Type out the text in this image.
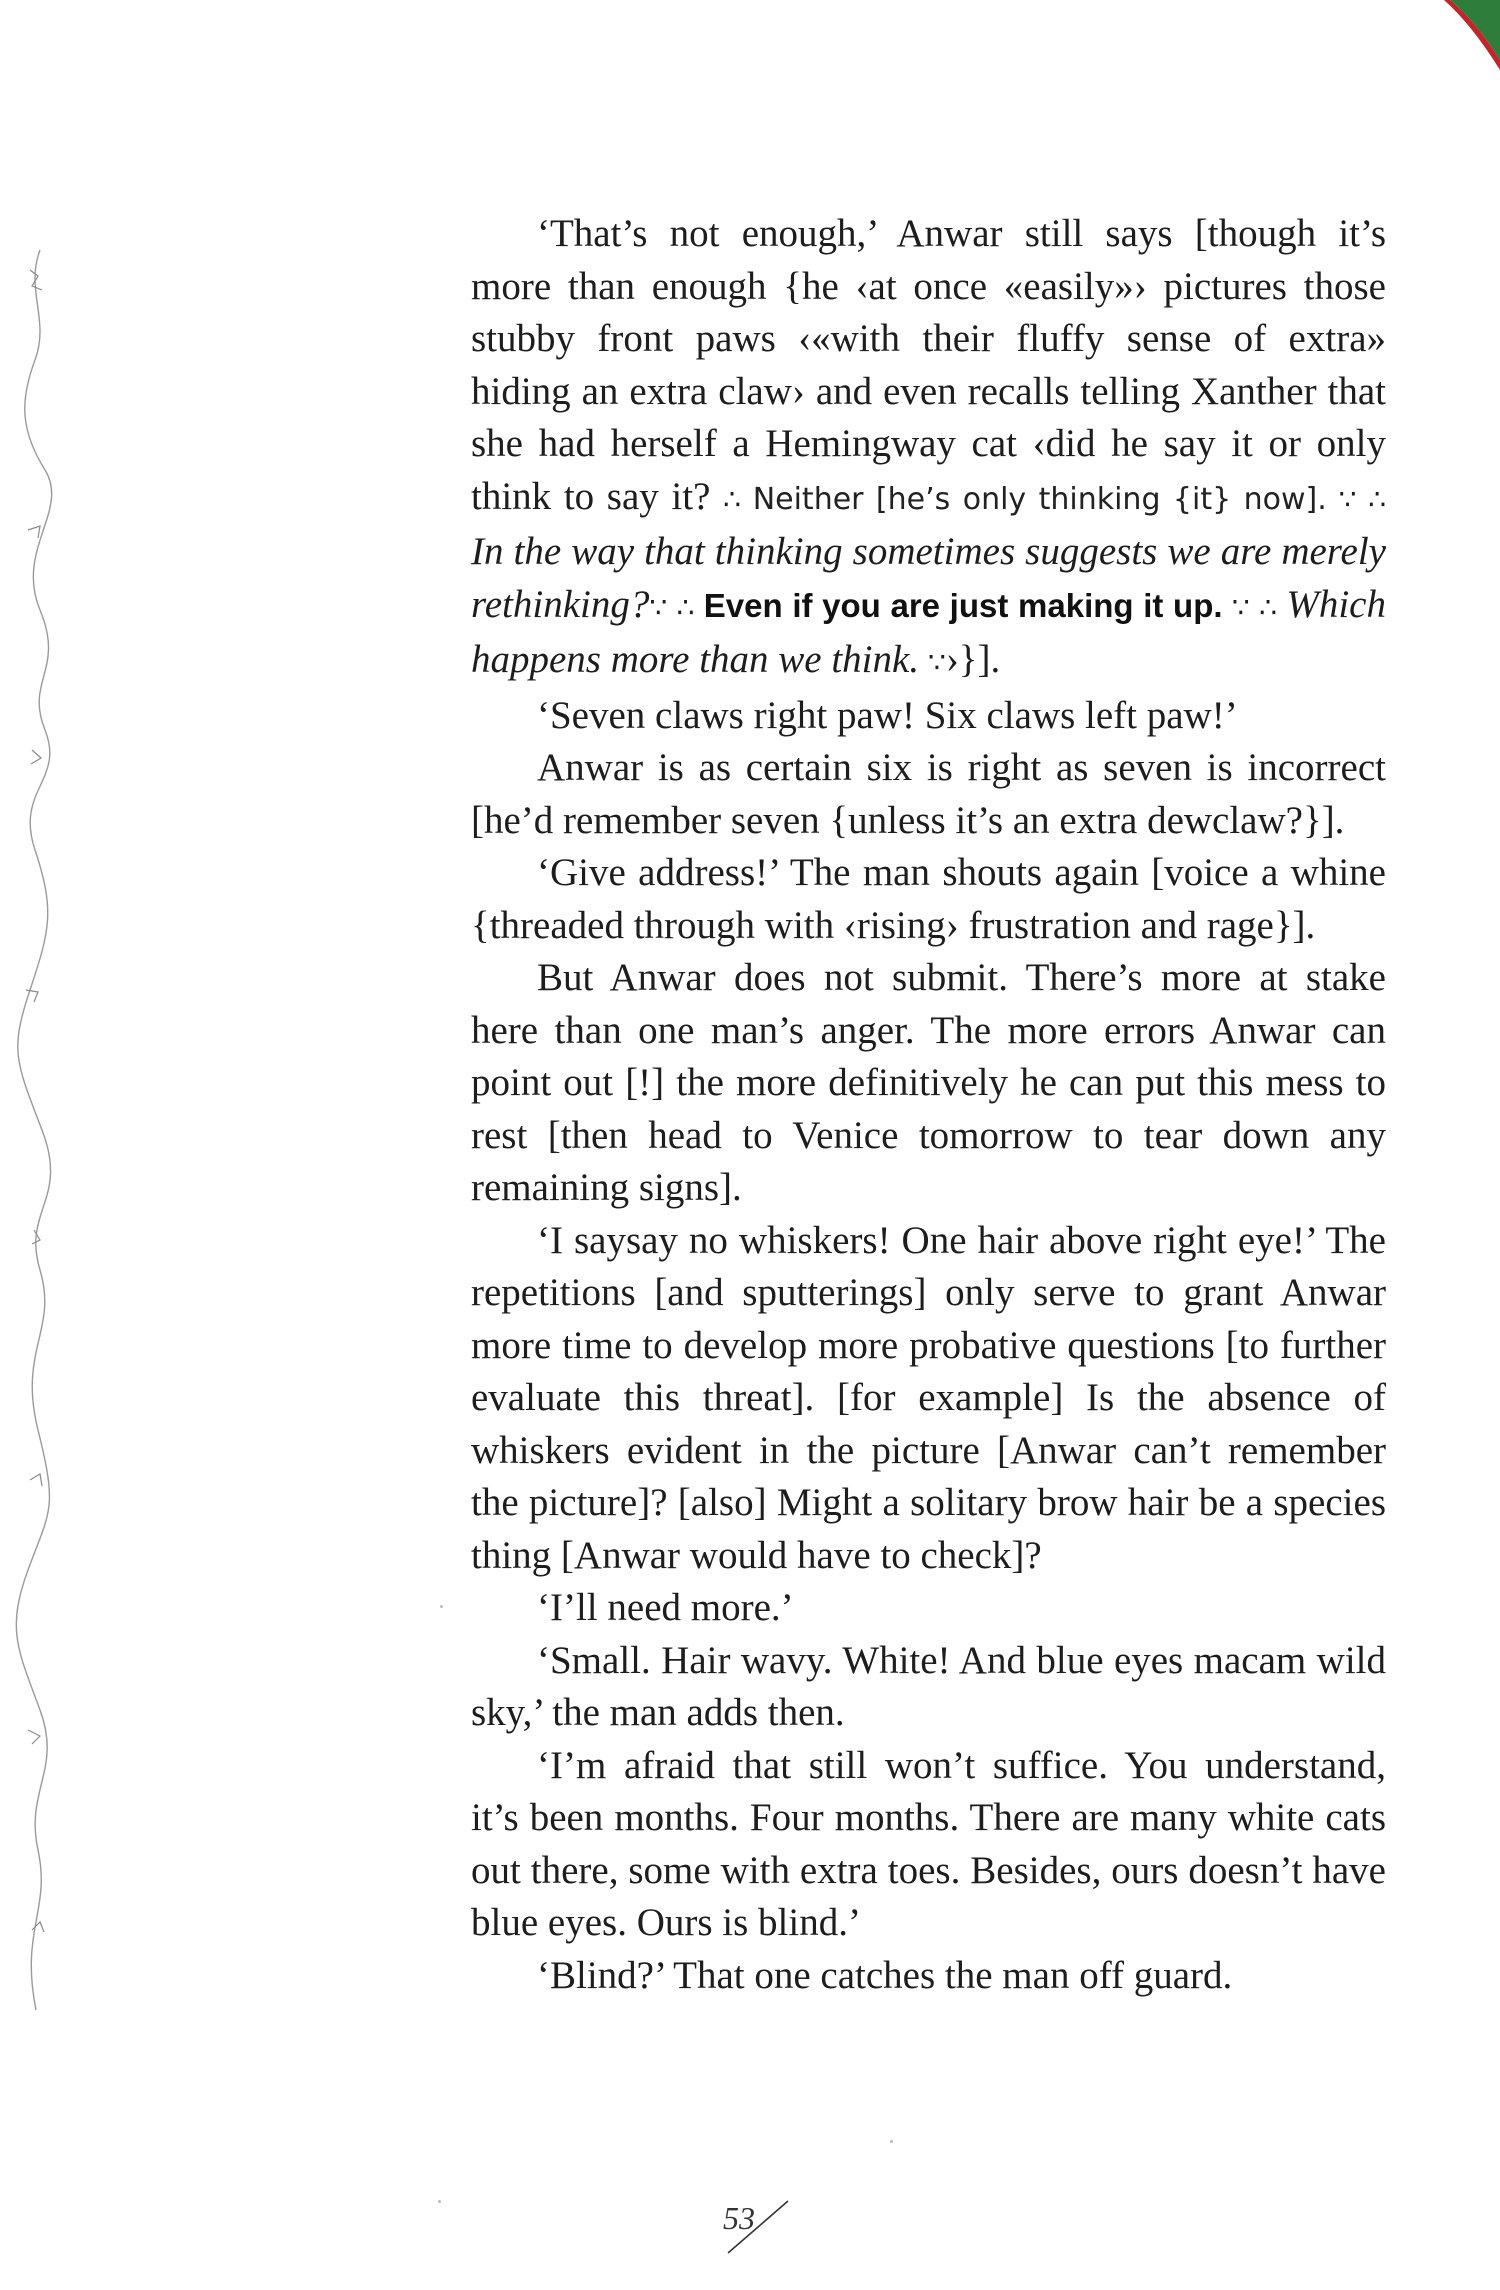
‘That’s not enough,’ Anwar still says [though it’s more than enough {he ‹at once «easily»› pictures those stubby front paws ‹«with their fluffy sense of extra» hiding an extra claw› and even recalls telling Xanther that she had herself a Hemingway cat ‹did he say it or only think to say it? ∴ Neither [he’s only thinking {it} now]. ∵ ∴ In the way that thinking sometimes suggests we are merely rethinking?∵ ∴ Even if you are just making it up. ∵ ∴ Which happens more than we think. ∵›}].

‘Seven claws right paw! Six claws left paw!’

Anwar is as certain six is right as seven is incorrect [he’d remember seven {unless it’s an extra dewclaw?}].

‘Give address!’ The man shouts again [voice a whine {threaded through with ‹rising› frustration and rage}].

But Anwar does not submit. There’s more at stake here than one man’s anger. The more errors Anwar can point out [!] the more definitively he can put this mess to rest [then head to Venice tomorrow to tear down any remaining signs].

‘I saysay no whiskers! One hair above right eye!’ The repetitions [and sputterings] only serve to grant Anwar more time to develop more probative questions [to further evaluate this threat]. [for example] Is the absence of whiskers evident in the picture [Anwar can’t remember the picture]? [also] Might a solitary brow hair be a species thing [Anwar would have to check]?

‘I’ll need more.’

‘Small. Hair wavy. White! And blue eyes macam wild sky,’ the man adds then.

‘I’m afraid that still won’t suffice. You understand, it’s been months. Four months. There are many white cats out there, some with extra toes. Besides, ours doesn’t have blue eyes. Ours is blind.’

‘Blind?’ That one catches the man off guard.

53
